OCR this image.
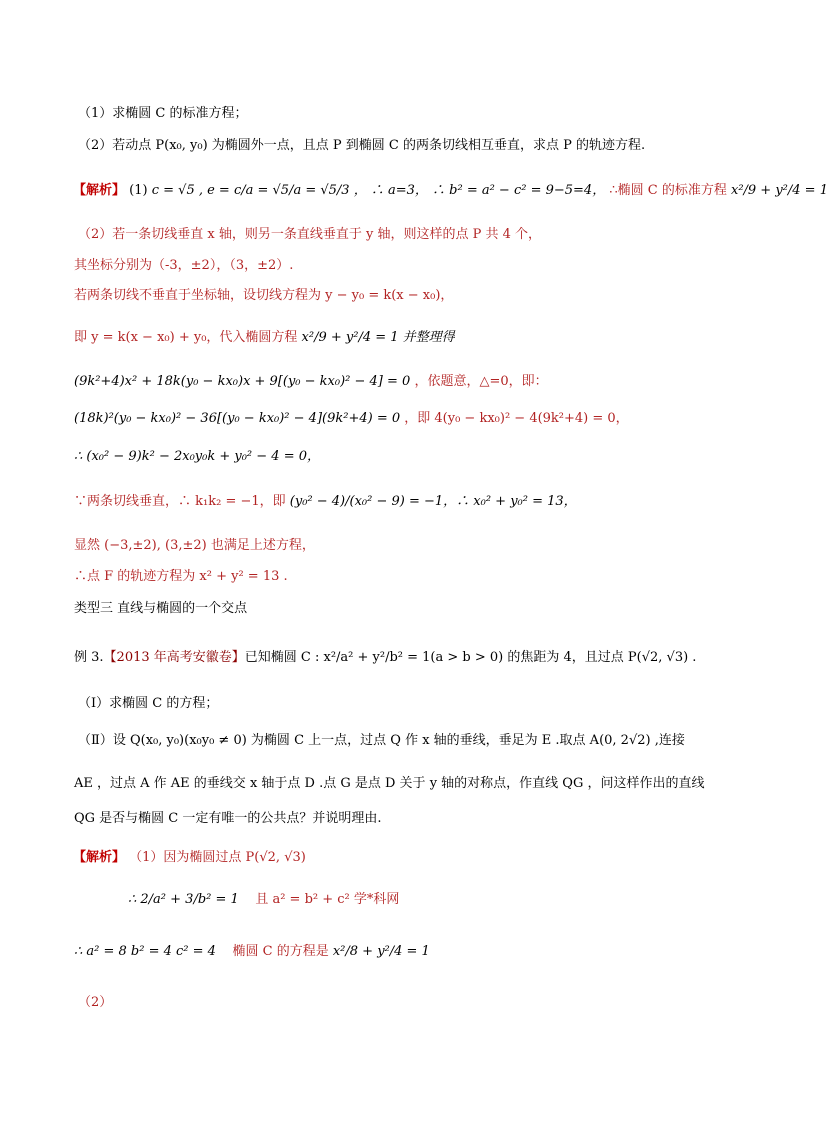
（1）求椭圆 C 的标准方程；
（2）若动点 P(x₀, y₀) 为椭圆外一点，且点 P 到椭圆 C 的两条切线相互垂直，求点 P 的轨迹方程.
【解析】 (1) c = √5 , e = c/a = √5/a = √5/3 ， ∴ a=3， ∴ b² = a² − c² = 9−5=4， ∴椭圆 C 的标准方程 x²/9 + y²/4 = 1
（2）若一条切线垂直 x 轴，则另一条直线垂直于 y 轴，则这样的点 P 共 4 个，
其坐标分别为（-3，±2），（3，±2）.
若两条切线不垂直于坐标轴，设切线方程为 y − y₀ = k(x − x₀)，
即 y = k(x − x₀) + y₀，代入椭圆方程 x²/9 + y²/4 = 1 并整理得
(9k²+4)x² + 18k(y₀ − kx₀)x + 9[(y₀ − kx₀)² − 4] = 0 ，依题意，△=0，即：
(18k)²(y₀ − kx₀)² − 36[(y₀ − kx₀)² − 4](9k²+4) = 0 ，即 4(y₀ − kx₀)² − 4(9k²+4) = 0，
∴ (x₀² − 9)k² − 2x₀y₀k + y₀² − 4 = 0，
∵两条切线垂直，∴ k₁k₂ = −1，即 (y₀² − 4)/(x₀² − 9) = −1，∴ x₀² + y₀² = 13，
显然 (−3,±2), (3,±2) 也满足上述方程，
∴点 F 的轨迹方程为 x² + y² = 13 .
类型三 直线与椭圆的一个交点
例 3.【2013 年高考安徽卷】已知椭圆 C : x²/a² + y²/b² = 1(a > b > 0) 的焦距为 4，且过点 P(√2, √3) .
（Ⅰ）求椭圆 C 的方程；
（Ⅱ）设 Q(x₀, y₀)(x₀y₀ ≠ 0) 为椭圆 C 上一点，过点 Q 作 x 轴的垂线，垂足为 E .取点 A(0, 2√2) ,连接
AE ，过点 A 作 AE 的垂线交 x 轴于点 D .点 G 是点 D 关于 y 轴的对称点，作直线 QG ，问这样作出的直线
QG 是否与椭圆 C 一定有唯一的公共点？并说明理由.
【解析】 （1）因为椭圆过点 P(√2, √3)
∴ 2/a² + 3/b² = 1 且 a² = b² + c² 学*科网
∴ a² = 8 b² = 4 c² = 4 椭圆 C 的方程是 x²/8 + y²/4 = 1
（2）
